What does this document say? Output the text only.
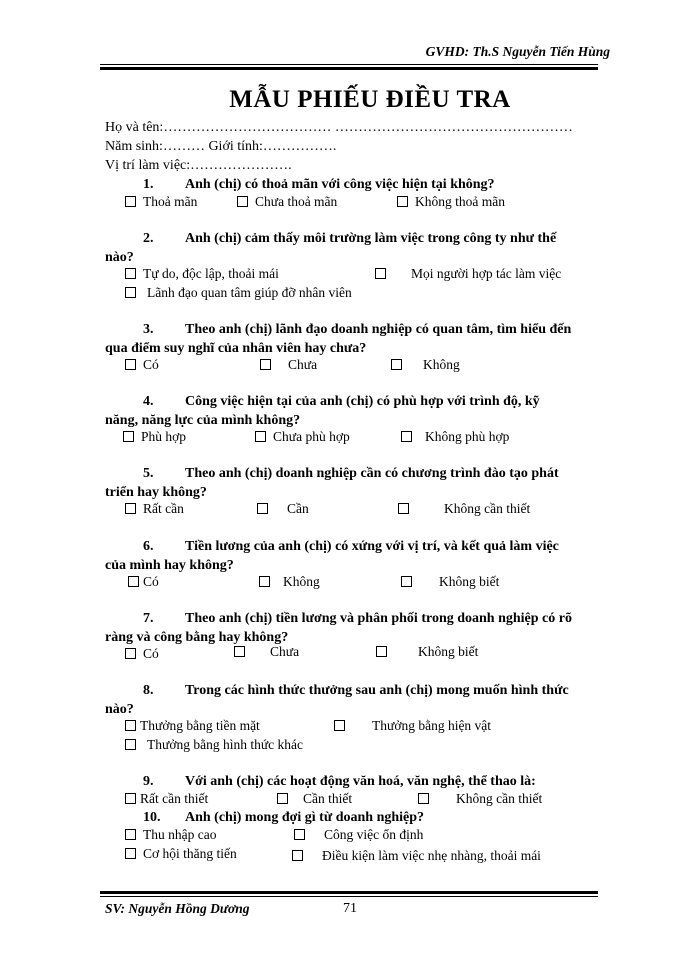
GVHD: Th.S Nguyễn Tiến Hùng
MẪU PHIẾU ĐIỀU TRA
Họ và tên:……………………………… ……………………………………………
Năm sinh:……… Giới tính:…………….
Vị trí làm việc:………………….
1. Anh (chị) có thoả mãn với công việc hiện tại không?
Thoả mãn	Chưa thoả mãn	Không thoả mãn
2. Anh (chị) cảm thấy môi trường làm việc trong công ty như thế
nào?
Tự do, độc lập, thoải mái	Mọi người hợp tác làm việc
Lãnh đạo quan tâm giúp đỡ nhân viên
3. Theo anh (chị) lãnh đạo doanh nghiệp có quan tâm, tìm hiểu đến
qua điểm suy nghĩ của nhân viên hay chưa?
Có	Chưa	Không
4. Công việc hiện tại của anh (chị) có phù hợp với trình độ, kỹ
năng, năng lực của mình không?
Phù hợp	Chưa phù hợp	Không phù hợp
5. Theo anh (chị) doanh nghiệp cần có chương trình đào tạo phát
triển hay không?
Rất cần	Cần	Không cần thiết
6. Tiền lương của anh (chị) có xứng với vị trí, và kết quả làm việc
của mình hay không?
Có	Không	Không biết
7. Theo anh (chị) tiền lương và phân phối trong doanh nghiệp có rõ
ràng và công bằng hay không?
Có	Chưa	Không biết
8. Trong các hình thức thưởng sau anh (chị) mong muốn hình thức
nào?
Thưởng bằng tiền mặt	Thưởng bằng hiện vật
Thưởng bằng hình thức khác
9. Với anh (chị) các hoạt động văn hoá, văn nghệ, thể thao là:
Rất cần thiết	Cần thiết	Không cần thiết
10. Anh (chị) mong đợi gì từ doanh nghiệp?
Thu nhập cao	Công việc ổn định
Cơ hội thăng tiến	Điều kiện làm việc nhẹ nhàng, thoải mái
SV: Nguyễn Hồng Dương	71
